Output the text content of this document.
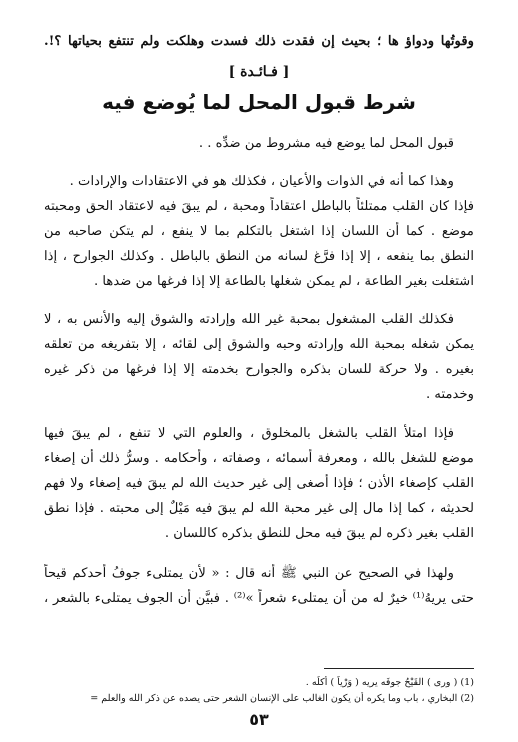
وقوتُها ودواؤ ها ؛ بحيث إن فقدت ذلك فسدت وهلكت ولم تنتفع بحياتها ؟!.
[ فـائـدة ]
شرط قبول المحل لما يُوضع فيه
قبول المحل لما يوضع فيه مشروط من ضدِّه . .
وهذا كما أنه في الذوات والأعيان ، فكذلك هو في الاعتقادات والإرادات .
فإذا كان القلب ممتلئاً بالباطل اعتقاداً ومحبة ، لم يبقَ فيه لاعتقاد الحق ومحبته
موضع . كما أن اللسان إذا اشتغل بالتكلم بما لا ينفع ، لم يتكن صاحبه من
النطق بما ينفعه ، إلا إذا فرَّغ لسانه من النطق بالباطل . وكذلك الجوارح ، إذا
اشتغلت بغير الطاعة ، لم يمكن شغلها بالطاعة إلا إذا فرغها من ضدها .
فكذلك القلب المشغول بمحبة غير الله وإرادته والشوق إليه والأنس به ، لا
يمكن شغله بمحبة الله وإرادته وحبه والشوق إلى لقائه ، إلا بتفريغه من تعلقه
بغيره . ولا حركة للسان بذكره والجوارح بخدمته إلا إذا فرغها من ذكر غيره
وخدمته .
فإذا امتلأ القلب بالشغل بالمخلوق ، والعلوم التي لا تنفع ، لم يبقَ فيها
موضع للشغل بالله ، ومعرفة أسمائه ، وصفاته ، وأحكامه . وسرُّ ذلك أن إصغاء
القلب كإصغاء الأذن ؛ فإذا أصغى إلى غير حديث الله لم يبقَ فيه إصغاء ولا فهم
لحديثه ، كما إذا مال إلى غير محبة الله لم يبقَ فيه مَيْلٌ إلى محبته . فإذا نطق
القلب بغير ذكره لم يبقَ فيه محل للنطق بذكره كاللسان .
ولهذا في الصحيح عن النبي ﷺ أنه قال : « لأن يمتلىء جوفُ أحدكم قيحاً
حتى يريهُ⁽¹⁾ خيرٌ له من أن يمتلىء شعراً »⁽²⁾ . فبيَّن أن الجوف يمتلىء بالشعر ،
(1) ( ورى ) القَيْحُ جوفَه يريه ( وَرْياً ) أكلَه .
(2) البخاري ، باب وما يكره أن يكون الغالب على الإنسان الشعر حتى يصده عن ذكر الله والعلم =
٥٣
